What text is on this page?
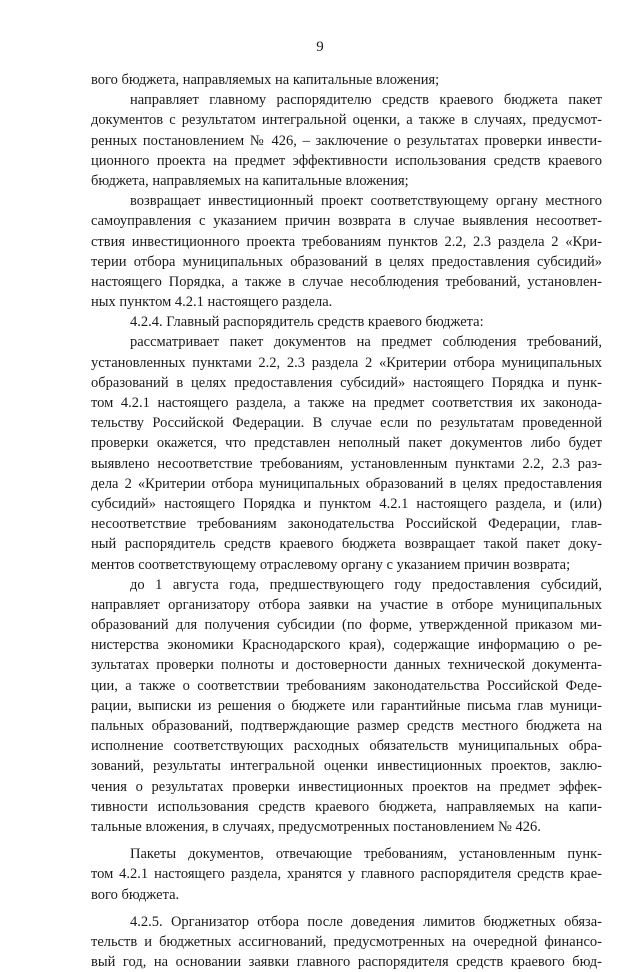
9
вого бюджета, направляемых на капитальные вложения;
направляет главному распорядителю средств краевого бюджета пакет
документов с результатом интегральной оценки, а также в случаях, предусмот-
ренных постановлением № 426, – заключение о результатах проверки инвести-
ционного проекта на предмет эффективности использования средств краевого
бюджета, направляемых на капитальные вложения;
возвращает инвестиционный проект соответствующему органу местного
самоуправления с указанием причин возврата в случае выявления несоответ-
ствия инвестиционного проекта требованиям пунктов 2.2, 2.3 раздела 2 «Кри-
терии отбора муниципальных образований в целях предоставления субсидий»
настоящего Порядка, а также в случае несоблюдения требований, установлен-
ных пунктом 4.2.1 настоящего раздела.
4.2.4. Главный распорядитель средств краевого бюджета:
рассматривает пакет документов на предмет соблюдения требований,
установленных пунктами 2.2, 2.3 раздела 2 «Критерии отбора муниципальных
образований в целях предоставления субсидий» настоящего Порядка и пунк-
том 4.2.1 настоящего раздела, а также на предмет соответствия их законода-
тельству Российской Федерации. В случае если по результатам проведенной
проверки окажется, что представлен неполный пакет документов либо будет
выявлено несоответствие требованиям, установленным пунктами 2.2, 2.3 раз-
дела 2 «Критерии отбора муниципальных образований в целях предоставления
субсидий» настоящего Порядка и пунктом 4.2.1 настоящего раздела, и (или)
несоответствие требованиям законодательства Российской Федерации, глав-
ный распорядитель средств краевого бюджета возвращает такой пакет доку-
ментов соответствующему отраслевому органу с указанием причин возврата;
до 1 августа года, предшествующего году предоставления субсидий,
направляет организатору отбора заявки на участие в отборе муниципальных
образований для получения субсидии (по форме, утвержденной приказом ми-
нистерства экономики Краснодарского края), содержащие информацию о ре-
зультатах проверки полноты и достоверности данных технической документа-
ции, а также о соответствии требованиям законодательства Российской Феде-
рации, выписки из решения о бюджете или гарантийные письма глав муници-
пальных образований, подтверждающие размер средств местного бюджета на
исполнение соответствующих расходных обязательств муниципальных обра-
зований, результаты интегральной оценки инвестиционных проектов, заклю-
чения о результатах проверки инвестиционных проектов на предмет эффек-
тивности использования средств краевого бюджета, направляемых на капи-
тальные вложения, в случаях, предусмотренных постановлением № 426.
Пакеты документов, отвечающие требованиям, установленным пунк-
том 4.2.1 настоящего раздела, хранятся у главного распорядителя средств крае-
вого бюджета.
4.2.5. Организатор отбора после доведения лимитов бюджетных обяза-
тельств и бюджетных ассигнований, предусмотренных на очередной финансо-
вый год, на основании заявки главного распорядителя средств краевого бюд-
